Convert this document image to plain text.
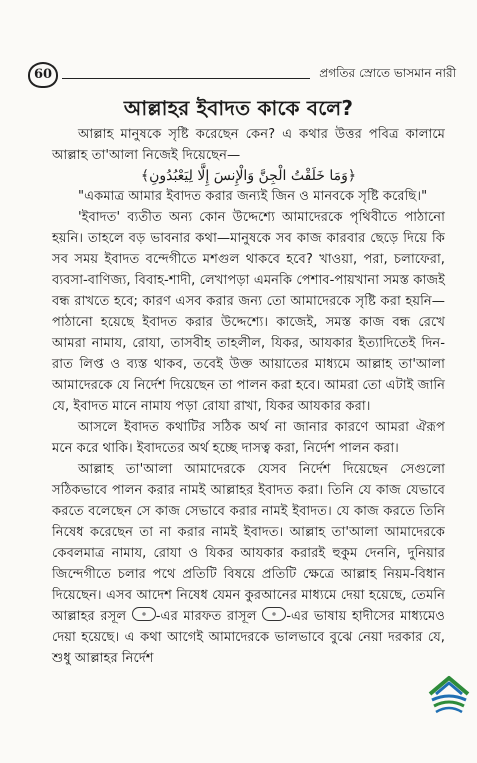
60	প্রগতির স্রোতে ভাসমান নারী
আল্লাহর ইবাদত কাকে বলে?

আল্লাহ মানুষকে সৃষ্টি করেছেন কেন? এ কথার উত্তর পবিত্র কালামে আল্লাহ তা'আলা নিজেই দিয়েছেন—

﴿وَمَا خَلَقْتُ الْجِنَّ وَالْإِنسَ إِلَّا لِيَعْبُدُونِ﴾

"একমাত্র আমার ইবাদত করার জন্যই জিন ও মানবকে সৃষ্টি করেছি।"

'ইবাদত' ব্যতীত অন্য কোন উদ্দেশ্যে আমাদেরকে পৃথিবীতে পাঠানো হয়নি। তাহলে বড় ভাবনার কথা—মানুষকে সব কাজ কারবার ছেড়ে দিয়ে কি সব সময় ইবাদত বন্দেগীতে মশগুল থাকবে হবে? খাওয়া, পরা, চলাফেরা, ব্যবসা-বাণিজ্য, বিবাহ-শাদী, লেখাপড়া এমনকি পেশাব-পায়খানা সমস্ত কাজই বন্ধ রাখতে হবে; কারণ এসব করার জন্য তো আমাদেরকে সৃষ্টি করা হয়নি—পাঠানো হয়েছে ইবাদত করার উদ্দেশ্যে। কাজেই, সমস্ত কাজ বন্ধ রেখে আমরা নামায, রোযা, তাসবীহ তাহলীল, যিকর, আযকার ইত্যাদিতেই দিন-রাত লিপ্ত ও ব্যস্ত থাকব, তবেই উক্ত আয়াতের মাধ্যমে আল্লাহ তা'আলা আমাদেরকে যে নির্দেশ দিয়েছেন তা পালন করা হবে। আমরা তো এটাই জানি যে, ইবাদত মানে নামায পড়া রোযা রাখা, যিকর আযকার করা।

আসলে ইবাদত কথাটির সঠিক অর্থ না জানার কারণে আমরা ঐরূপ মনে করে থাকি। ইবাদতের অর্থ হচ্ছে দাসত্ব করা, নির্দেশ পালন করা।

আল্লাহ তা'আলা আমাদেরকে যেসব নির্দেশ দিয়েছেন সেগুলো সঠিকভাবে পালন করার নামই আল্লাহর ইবাদত করা। তিনি যে কাজ যেভাবে করতে বলেছেন সে কাজ সেভাবে করার নামই ইবাদত। যে কাজ করতে তিনি নিষেধ করেছেন তা না করার নামই ইবাদত। আল্লাহ তা'আলা আমাদেরকে কেবলমাত্র নামায, রোযা ও যিকর আযকার করারই হুকুম দেননি, দুনিয়ার জিন্দেগীতে চলার পথে প্রতিটি বিষয়ে প্রতিটি ক্ষেত্রে আল্লাহ নিয়ম-বিধান দিয়েছেন। এসব আদেশ নিষেধ যেমন কুরআনের মাধ্যমে দেয়া হয়েছে, তেমনি আল্লাহর রসূল -এর মারফত রাসূল -এর ভাষায় হাদীসের মাধ্যমেও দেয়া হয়েছে। এ কথা আগেই আমাদেরকে ভালভাবে বুঝে নেয়া দরকার যে, শুধু আল্লাহর নির্দেশ
